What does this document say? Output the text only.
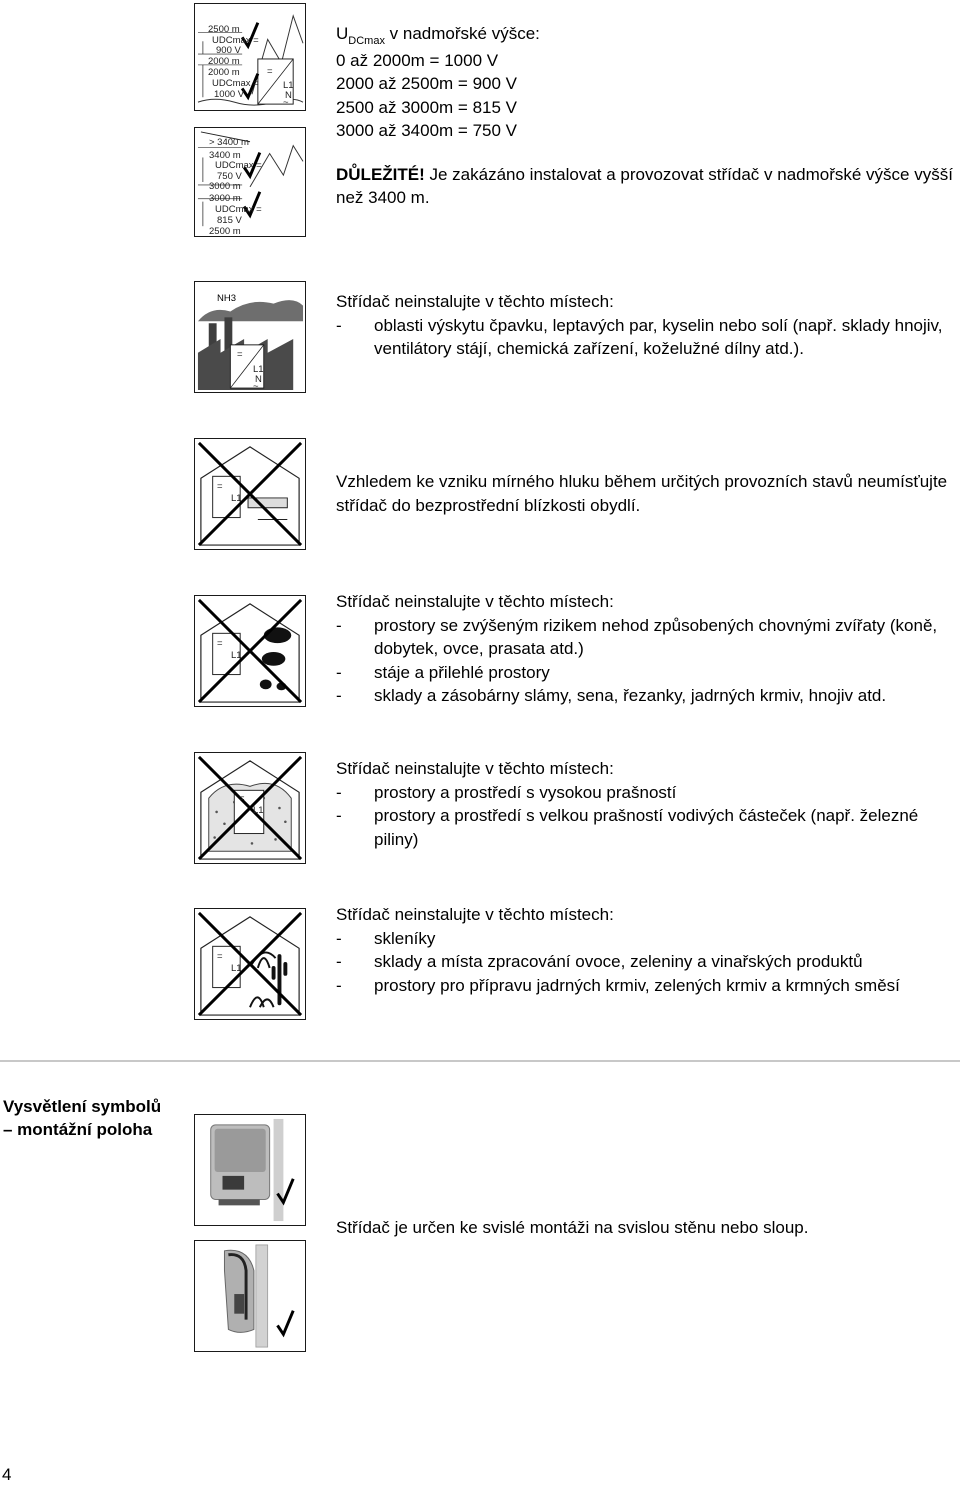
2500 m
UDCmax =
900 V
2000 m
2000 m
UDCmax =
1000 V
=
L1
N
~
> 3400 m
3400 m
UDCmax =
750 V
3000 m
3000 m
UDCmax =
815 V
2500 m

$U_{DCmax}$ v nadmořské výšce:

0 až 2000m = 1000 V

2000 až 2500m = 900 V

2500 až 3000m = 815 V

3000 až 3400m = 750 V

DŮLEŽITÉ! Je zakázáno instalovat a provozovat střídač v nadmořské výšce vyšší než 3400 m.

NH3
=
L1
N
~

Střídač neinstalujte v těchto místech:

-	oblasti výskytu čpavku, leptavých par, kyselin nebo solí (např. sklady hnojiv, ventilátory stájí, chemická zařízení, koželužné dílny atd.).
=
L1

Vzhledem ke vzniku mírného hluku během určitých provozních stavů neumísťujte střídač do bezprostřední blízkosti obydlí.

=
L1

Střídač neinstalujte v těchto místech:

-	prostory se zvýšeným rizikem nehod způsobených chovnými zvířaty (koně, dobytek, ovce, prasata atd.)
-	stáje a přilehlé prostory
-	sklady a zásobárny slámy, sena, řezanky, jadrných krmiv, hnojiv atd.
=
L1

Střídač neinstalujte v těchto místech:

-	prostory a prostředí s vysokou prašností
-	prostory a prostředí s velkou prašností vodivých částeček (např. železné piliny)
=
L1

Střídač neinstalujte v těchto místech:

-	skleníky
-	sklady a místa zpracování ovoce, zeleniny a vinařských produktů
-	prostory pro přípravu jadrných krmiv, zelených krmiv a krmných směsí
Vysvětlení symbolů – montážní poloha

Střídač je určen ke svislé montáži na svislou stěnu nebo sloup.

4
